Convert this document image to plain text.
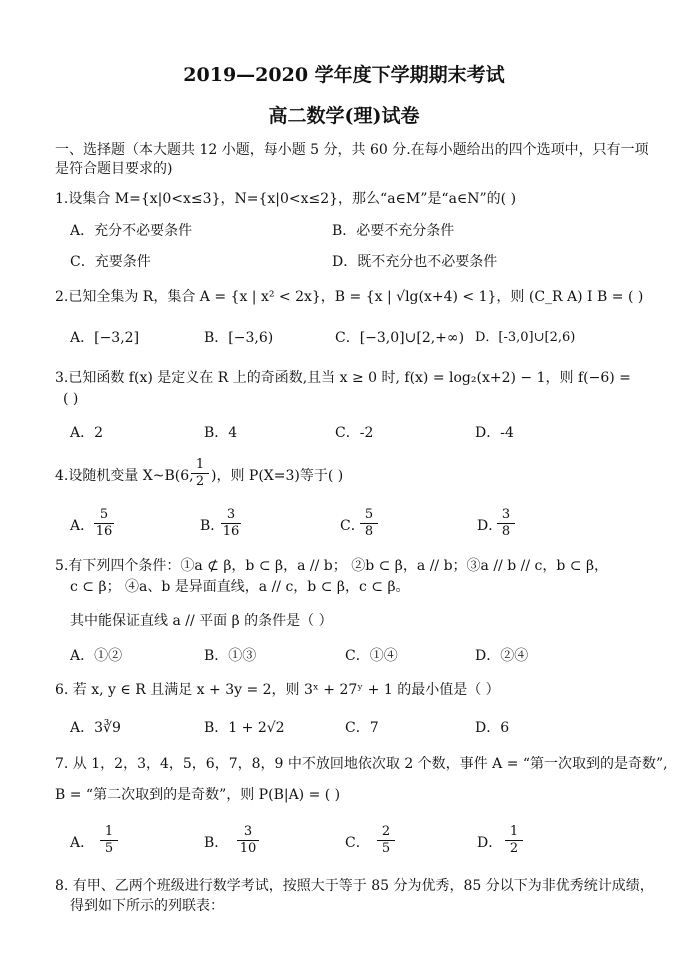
2019—2020 学年度下学期期末考试
高二数学(理)试卷
一、选择题（本大题共 12 小题，每小题 5 分，共 60 分.在每小题给出的四个选项中，只有一项
是符合题目要求的)
1.设集合 M={x|0<x≤3}，N={x|0<x≤2}，那么“a∈M”是“a∈N”的( )
A．充分不必要条件	B．必要不充分条件
C．充要条件	D．既不充分也不必要条件
2.已知全集为 R，集合 A = {x | x² < 2x}，B = {x | √lg(x+4) < 1}，则 (C_R A) I B = ( )
A．[−3,2]	B．[−3,6)	C．[−3,0]∪[2,+∞) D．[-3,0]∪[2,6)
3.已知函数 f(x) 是定义在 R 上的奇函数,且当 x ≥ 0 时, f(x) = log₂(x+2) − 1，则 f(−6) =
( )
A．2	B．4	C．-2	D．-4
4.设随机变量 X~B(6,
$\frac{1}{2}$ )，则 P(X=3)等于( )
A． $\frac{5}{16}$	B．
$\frac{3}{16}$	C．
$\frac{5}{8}$	D．
$\frac{3}{8}$
5.有下列四个条件：①a ⊄ β，b ⊂ β，a // b； ②b ⊂ β，a // b；③a // b // c，b ⊂ β，
c ⊂ β； ④a、b 是异面直线，a // c，b ⊂ β，c ⊂ β。
其中能保证直线 a // 平面 β 的条件是（ ）
A．①②	B．①③	C．①④	D．②④
6. 若 x, y ∈ R 且满足 x + 3y = 2，则 3ˣ + 27ʸ + 1 的最小值是（ ）
A．3∛9	B．1 + 2√2	C．7	D．6
7. 从 1，2，3，4，5，6，7，8，9 中不放回地依次取 2 个数，事件 A = “第一次取到的是奇数”,
B = “第二次取到的是奇数”，则 P(B|A) = ( )
A． $\frac{1}{5}$	B． $\frac{3}{10}$	C． $\frac{2}{5}$	D． $\frac{1}{2}$
8. 有甲、乙两个班级进行数学考试，按照大于等于 85 分为优秀，85 分以下为非优秀统计成绩，
得到如下所示的列联表：
